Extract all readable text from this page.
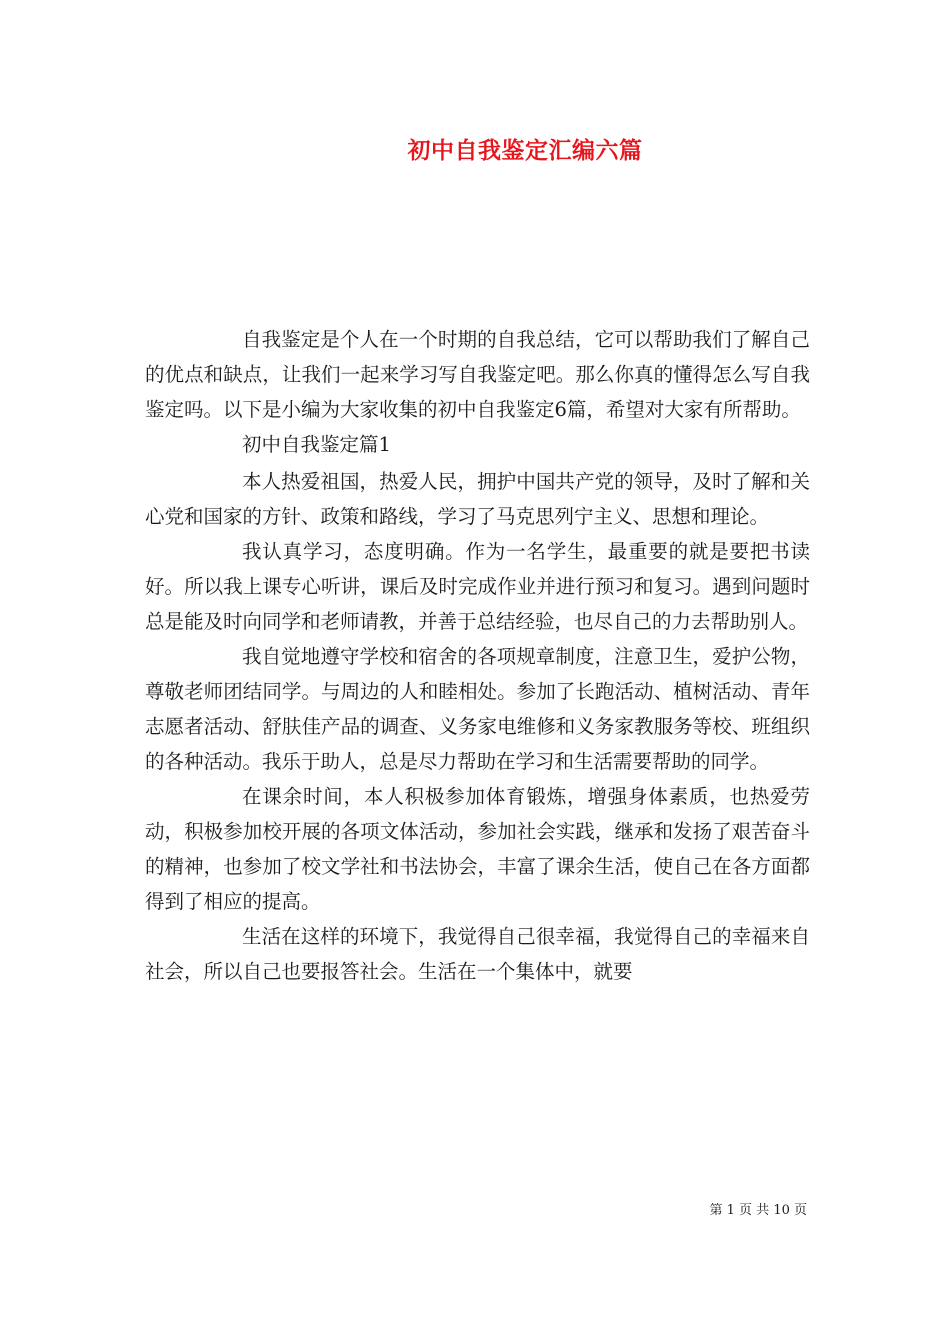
初中自我鉴定汇编六篇

自我鉴定是个人在一个时期的自我总结，它可以帮助我们了解自己的优点和缺点，让我们一起来学习写自我鉴定吧。那么你真的懂得怎么写自我鉴定吗。以下是小编为大家收集的初中自我鉴定6篇，希望对大家有所帮助。

初中自我鉴定篇1

本人热爱祖国，热爱人民，拥护中国共产党的领导，及时了解和关心党和国家的方针、政策和路线，学习了马克思列宁主义、思想和理论。

我认真学习，态度明确。作为一名学生，最重要的就是要把书读好。所以我上课专心听讲，课后及时完成作业并进行预习和复习。遇到问题时总是能及时向同学和老师请教，并善于总结经验，也尽自己的力去帮助别人。

我自觉地遵守学校和宿舍的各项规章制度，注意卫生，爱护公物，尊敬老师团结同学。与周边的人和睦相处。参加了长跑活动、植树活动、青年志愿者活动、舒肤佳产品的调查、义务家电维修和义务家教服务等校、班组织的各种活动。我乐于助人，总是尽力帮助在学习和生活需要帮助的同学。

在课余时间，本人积极参加体育锻炼，增强身体素质，也热爱劳动，积极参加校开展的各项文体活动，参加社会实践，继承和发扬了艰苦奋斗的精神，也参加了校文学社和书法协会，丰富了课余生活，使自己在各方面都得到了相应的提高。

生活在这样的环境下，我觉得自己很幸福，我觉得自己的幸福来自社会，所以自己也要报答社会。生活在一个集体中，就要

第 1 页 共 10 页
